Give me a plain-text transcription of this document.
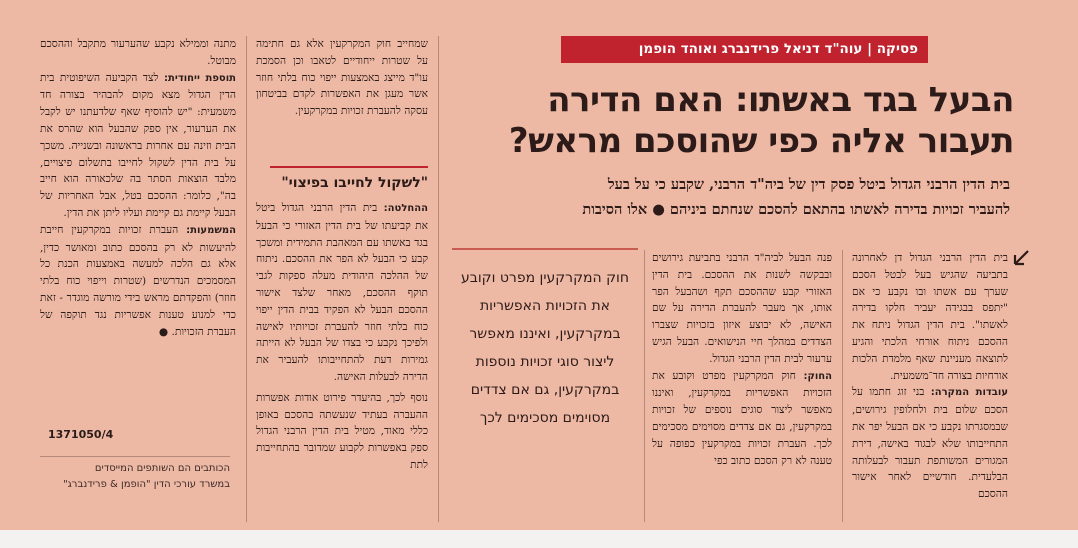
פסיקה | עוה"ד דניאל פרידנברג ואוהד הופמן
הבעל בגד באשתו: האם הדירה
תעבור אליה כפי שהוסכם מראש?
בית הדין הרבני הגדול ביטל פסק דין של ביה"ד הרבני, שקבע כי על בעל
להעביר זכויות בדירה לאשתו בהתאם להסכם שנחתם ביניהם ● אלו הסיבות

בית הדין הרבני הגדול דן לאחרונה בתביעה שהגיש בעל לבטל הסכם שערך עם אשתו ובו נקבע כי אם "יתפס בבגידה יעביר חלקו בדירה לאשתו". בית הדין הגדול ניתח את ההסכם ניתוח אורחי הלכתי והגיע לתוצאה מעניינת שאף מלמדת הלכות אורחיות בצורה חד־משמעית.

עובדות המקרה: בני זוג חתמו על הסכם שלום בית ולחלופין גירושים, שבמסגרתו נקבע כי אם הבעל יפר את התחייבותו שלא לבגוד באישה, דירת המגורים המשותפת תעבור לבעלותה הבלעדית. חודשיים לאחר אישור ההסכם

פנה הבעל לביה"ד הרבני בתביעת גירושים ובבקשה לשנות את ההסכם. בית הדין האזורי קבע שההסכם תקף ושהבעל הפר אותו, אך מעבר להעברת הדירה על שם האישה, לא יבוצע איזון בזכויות שצברו הצדדים במהלך חיי הנישואים. הבעל הגיש ערעור לבית הדין הרבני הגדול.

החוק: חוק המקרקעין מפרט וקובע את הזכויות האפשריות במקרקעין, ואיננו מאפשר ליצור סוגים נוספים של זכויות במקרקעין, גם אם צדדים מסוימים מסכימים לכך. העברת זכויות במקרקעין כפופה על טענה לא רק הסכם כתוב כפי

חוק המקרקעין מפרט וקובע
את הזכויות האפשריות
במקרקעין, ואיננו מאפשר
ליצור סוגי זכויות נוספות
במקרקעין, גם אם צדדים
מסוימים מסכימים לכך

שמחייב חוק המקרקעין אלא גם חתימה על שטרות ייחודיים לטאבו וכן הסמכת עו"ד מייצג באמצעות ייפוי כוח בלתי חוזר אשר מעגן את האפשרות לקדם בביטחון עסקה להעברת זכויות במקרקעין.

"לשקול לחייבו בפיצוי"

ההחלטה: בית הדין הרבני הגדול ביטל את קביעתו של בית הדין האזורי כי הבעל בגד באשתו עם המאהבת התמידית ומשכך קבע כי הבעל לא הפר את ההסכם. ניתוח של ההלכה היהודית מעלה ספקות לגבי תוקף ההסכם, מאחר שלצד אישור ההסכם הבעל לא הפקיד בבית הדין ייפוי כוח בלתי חוזר להעברת זכויותיו לאישה ולפיכך נקבע כי בצדו של הבעל לא הייתה גמירות דעת להתחייבותו להעביר את הדירה לבעלות האישה.

נוסף לכך, בהיעדר פירוט אודות אפשרות ההעברה בעתיד שנעשתה בהסכם באופן כללי מאוד, מטיל בית הדין הרבני הגדול ספק באפשרות לקבוע שמדובר בהתחייבות לתת

מתנה וממילא נקבע שהערעור מתקבל וההסכם מבוטל.

תוספת ייחודית: לצד הקביעה השיפוטית בית הדין הגדול מצא מקום להבהיר בצורה חד משמעית: "יש להוסיף שאף שלדעתנו יש לקבל את הערעור, אין ספק שהבעל הוא שהרס את הבית וזינה עם אחרות בראשונה ובשנייה. משכך על בית הדין לשקול לחייבו בתשלום פיצויים, מלבד הוצאות הסתר בה שלכאורה הוא חייב בה", כלומר: ההסכם בטל, אבל האחריות של הבעל קיימת גם קיימת ועליו ליתן את הדין.

המשמעות: העברת זכויות במקרקעין חייבת להיעשות לא רק בהסכם כתוב ומאושר כדין, אלא גם הלכה למעשה באמצעות הכנת כל המסמכים הנדרשים (שטרות וייפוי כוח בלתי חוזר) והפקדתם מראש בידי מורשה מוגדר - זאת כדי למנוע טענות אפשריות נגד תוקפה של העברת הזכויות. ●

1371050/4
הכותבים הם השותפים המייסדים
במשרד עורכי הדין "הופמן & פרידנברג"
